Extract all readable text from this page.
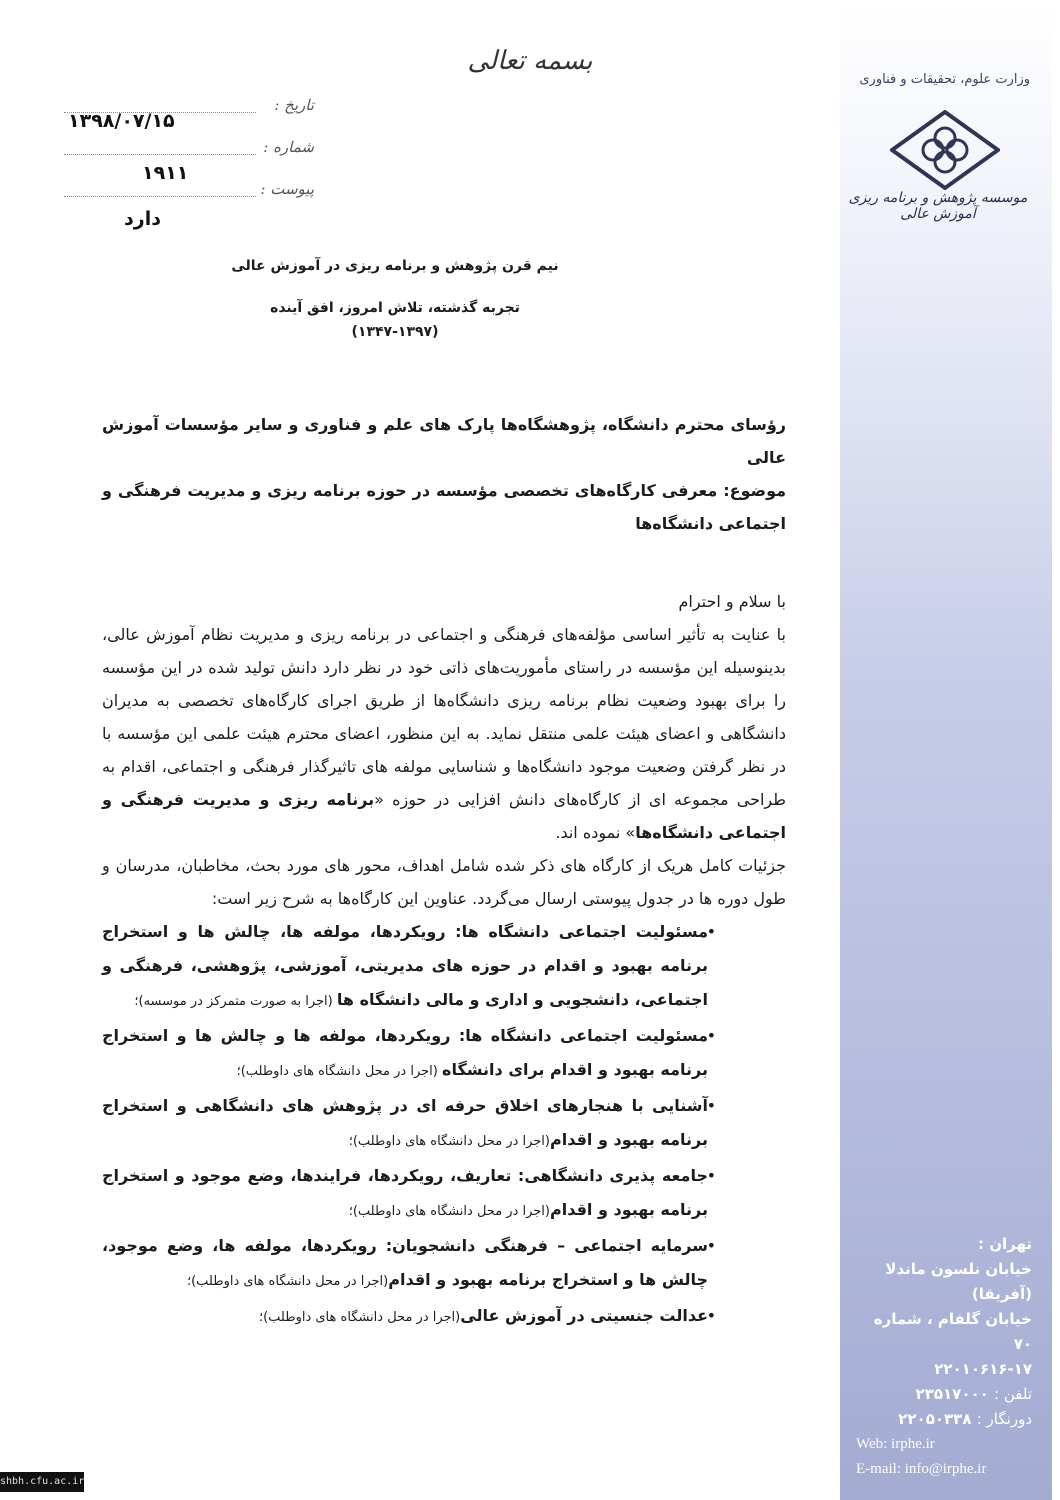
وزارت علوم، تحقیقات و فناوری
موسسه پژوهش و برنامه ریزی آموزش عالی
بسمه تعالی
تاریخ :
۱۳۹۸/۰۷/۱۵
شماره :
۱۹۱۱
پیوست :
دارد

نیم قرن پژوهش و برنامه ریزی در آموزش عالی

تجربه گذشته، تلاش امروز، افق آینده

(۱۳۴۷-۱۳۹۷)

رؤسای محترم دانشگاه، پژوهشگاه‌ها پارک های علم و فناوری و سایر مؤسسات آموزش عالی

موضوع: معرفی کارگاه‌های تخصصی مؤسسه در حوزه برنامه ریزی و مدیریت فرهنگی و اجتماعی دانشگاه‌ها

با سلام و احترام

با عنایت به تأثیر اساسی مؤلفه‌های فرهنگی و اجتماعی در برنامه ریزی و مدیریت نظام آموزش عالی، بدینوسیله این مؤسسه در راستای مأموریت‌های ذاتی خود در نظر دارد دانش تولید شده در این مؤسسه را برای بهبود وضعیت نظام برنامه ریزی دانشگاه‌ها از طریق اجرای کارگاه‌های تخصصی به مدیران دانشگاهی و اعضای هیئت علمی منتقل نماید. به این منظور، اعضای محترم هیئت علمی این مؤسسه با در نظر گرفتن وضعیت موجود دانشگاه‌ها و شناسایی مولفه های تاثیرگذار فرهنگی و اجتماعی، اقدام به طراحی مجموعه ای از کارگاه‌های دانش افزایی در حوزه «برنامه ریزی و مدیریت فرهنگی و اجتماعی دانشگاه‌ها» نموده اند.

جزئیات کامل هریک از کارگاه های ذکر شده شامل اهداف، محور های مورد بحث، مخاطبان، مدرسان و طول دوره ها در جدول پیوستی ارسال می‌گردد. عناوین این کارگاه‌ها به شرح زیر است:

• مسئولیت اجتماعی دانشگاه ها: رویکردها، مولفه ها، چالش ها و استخراج برنامه بهبود و اقدام در حوزه های مدیریتی، آموزشی، پژوهشی، فرهنگی و اجتماعی، دانشجویی و اداری و مالی دانشگاه ها (اجرا به صورت متمرکز در موسسه)؛
• مسئولیت اجتماعی دانشگاه ها: رویکردها، مولفه ها و چالش ها و استخراج برنامه بهبود و اقدام برای دانشگاه (اجرا در محل دانشگاه های داوطلب)؛
• آشنایی با هنجارهای اخلاق حرفه ای در پژوهش های دانشگاهی و استخراج برنامه بهبود و اقدام(اجرا در محل دانشگاه های داوطلب)؛
• جامعه پذیری دانشگاهی: تعاریف، رویکردها، فرایندها، وضع موجود و استخراج برنامه بهبود و اقدام(اجرا در محل دانشگاه های داوطلب)؛
• سرمایه اجتماعی – فرهنگی دانشجویان: رویکردها، مولفه ها، وضع موجود، چالش ها و استخراج برنامه بهبود و اقدام(اجرا در محل دانشگاه های داوطلب)؛
• عدالت جنسیتی در آموزش عالی(اجرا در محل دانشگاه های داوطلب)؛
تهران :
خیابان نلسون ماندلا (آفریقا)
خیابان گلفام ، شماره ۷۰
۲۲۰۱۰۶۱۶-۱۷
تلفن : ۲۳۵۱۷۰۰۰
دورنگار : ۲۲۰۵۰۳۳۸
Web: irphe.ir
E-mail: info@irphe.ir
shbh.cfu.ac.ir
